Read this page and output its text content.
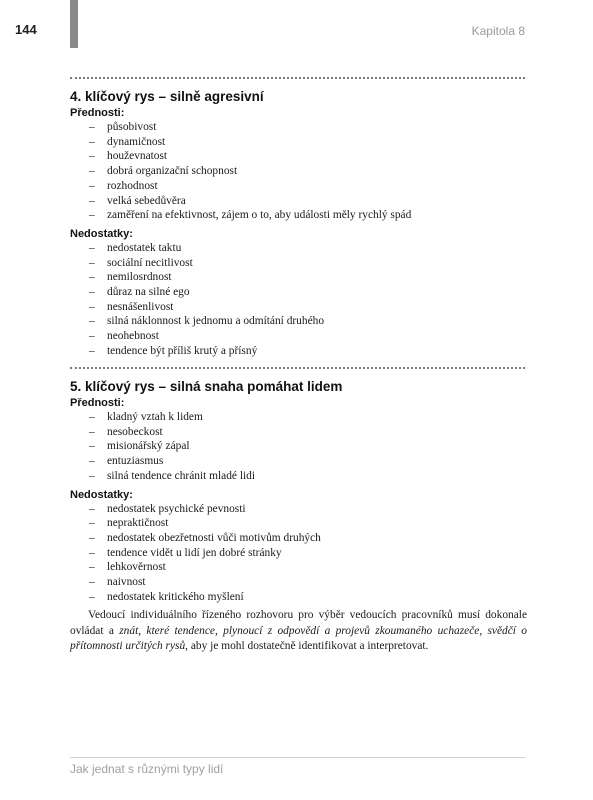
144	Kapitola 8
4. klíčový rys – silně agresivní
Přednosti:
– působivost
– dynamičnost
– houževnatost
– dobrá organizační schopnost
– rozhodnost
– velká sebedůvěra
– zaměření na efektivnost, zájem o to, aby události měly rychlý spád
Nedostatky:
– nedostatek taktu
– sociální necitlivost
– nemilosrdnost
– důraz na silné ego
– nesnášenlivost
– silná náklonnost k jednomu a odmítání druhého
– neohebnost
– tendence být příliš krutý a přísný
5. klíčový rys – silná snaha pomáhat lidem
Přednosti:
– kladný vztah k lidem
– nesobeckost
– misionářský zápal
– entuziasmus
– silná tendence chránit mladé lidi
Nedostatky:
– nedostatek psychické pevnosti
– nepraktičnost
– nedostatek obezřetnosti vůči motivům druhých
– tendence vidět u lidí jen dobré stránky
– lehkověrnost
– naivnost
– nedostatek kritického myšlení

Vedoucí individuálního řízeného rozhovoru pro výběr vedoucích pracovníků musí dokonale ovládat a znát, které tendence, plynoucí z odpovědí a projevů zkoumaného uchazeče, svědčí o přítomnosti určitých rysů, aby je mohl dostatečně identifikovat a interpretovat.

Jak jednat s různými typy lidí
